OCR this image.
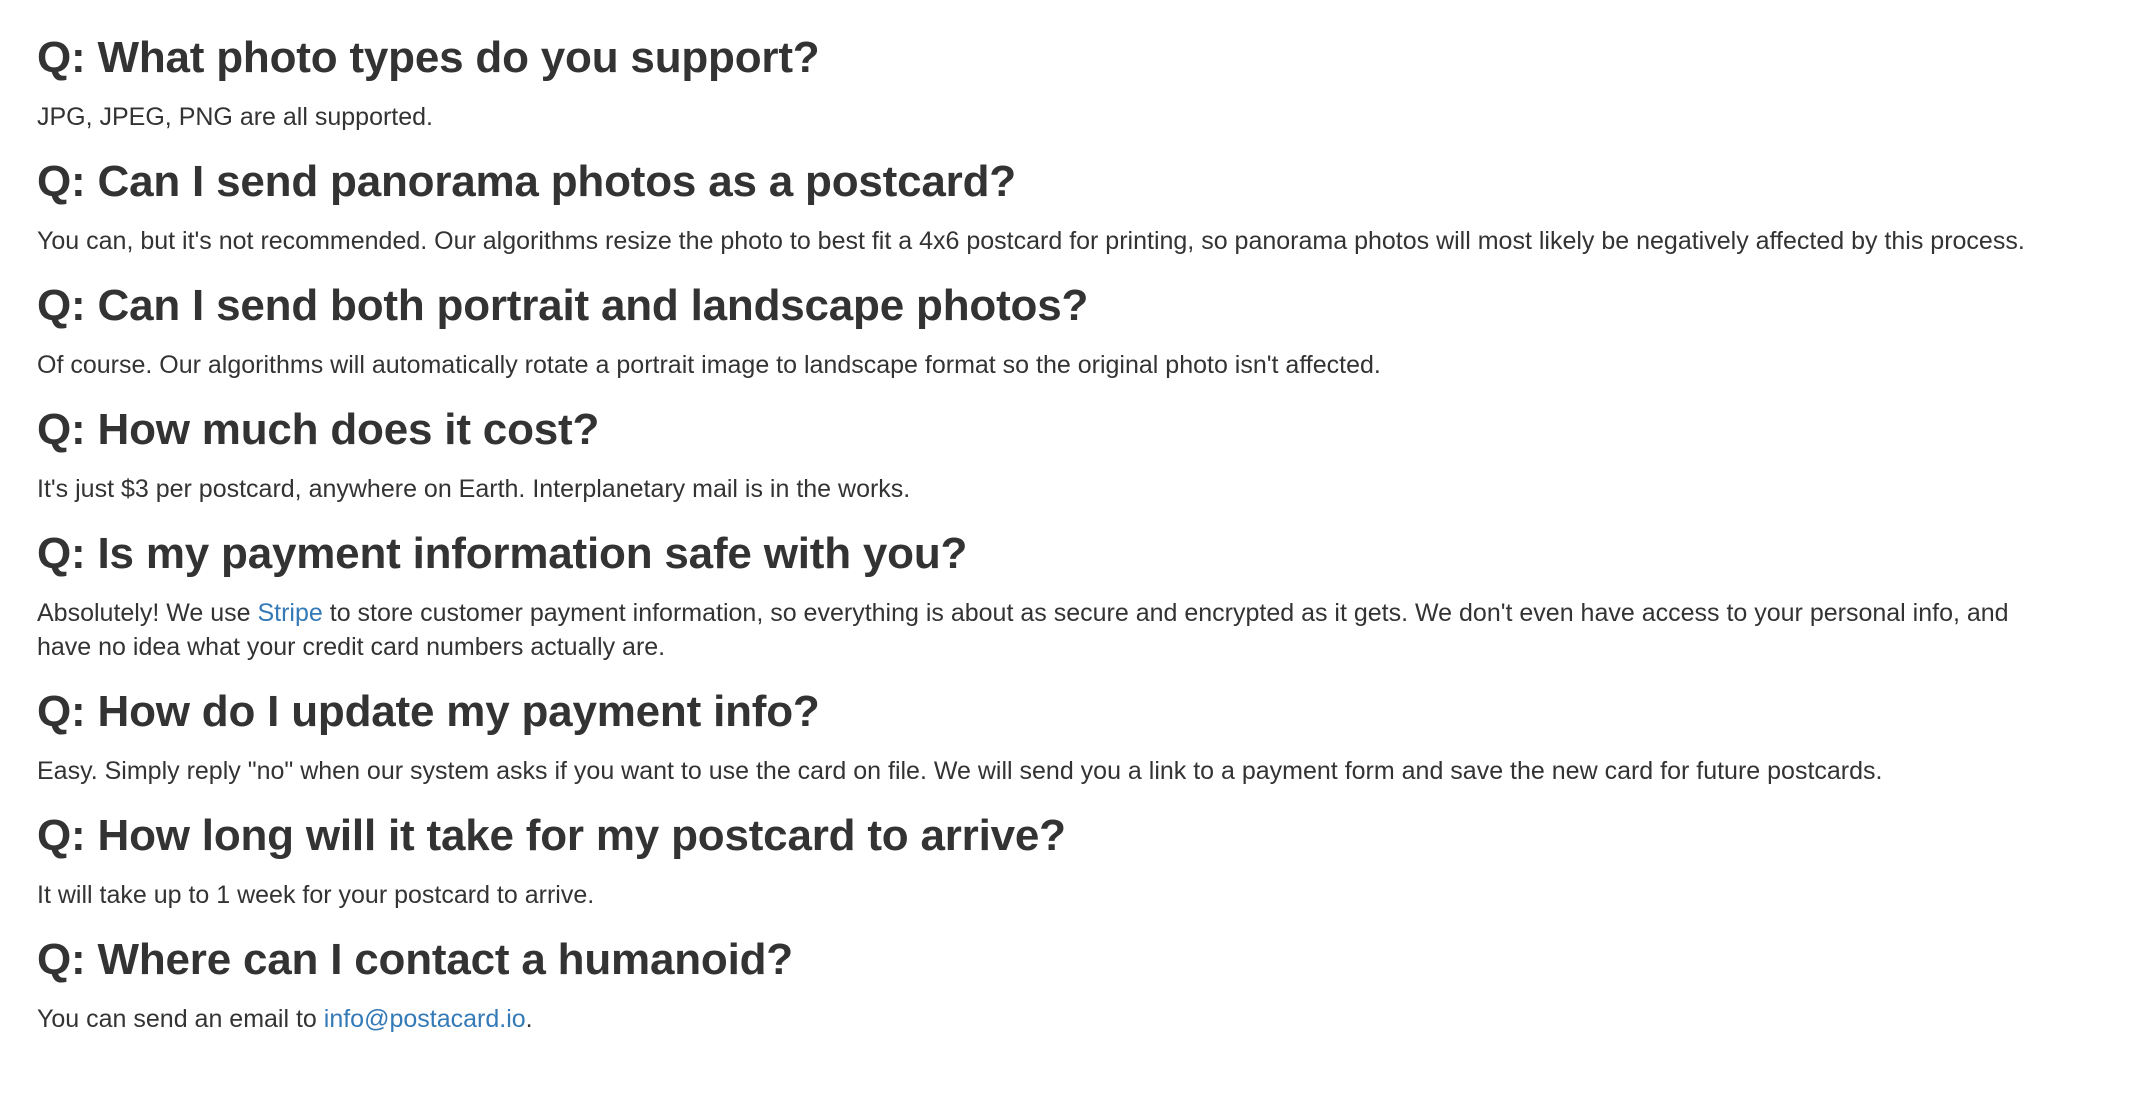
Q: What photo types do you support?

JPG, JPEG, PNG are all supported.

Q: Can I send panorama photos as a postcard?

You can, but it's not recommended. Our algorithms resize the photo to best fit a 4x6 postcard for printing, so panorama photos will most likely be negatively affected by this process.

Q: Can I send both portrait and landscape photos?

Of course. Our algorithms will automatically rotate a portrait image to landscape format so the original photo isn't affected.

Q: How much does it cost?

It's just $3 per postcard, anywhere on Earth. Interplanetary mail is in the works.

Q: Is my payment information safe with you?

Absolutely! We use Stripe to store customer payment information, so everything is about as secure and encrypted as it gets. We don't even have access to your personal info, and have no idea what your credit card numbers actually are.

Q: How do I update my payment info?

Easy. Simply reply "no" when our system asks if you want to use the card on file. We will send you a link to a payment form and save the new card for future postcards.

Q: How long will it take for my postcard to arrive?

It will take up to 1 week for your postcard to arrive.

Q: Where can I contact a humanoid?

You can send an email to info@postacard.io.
